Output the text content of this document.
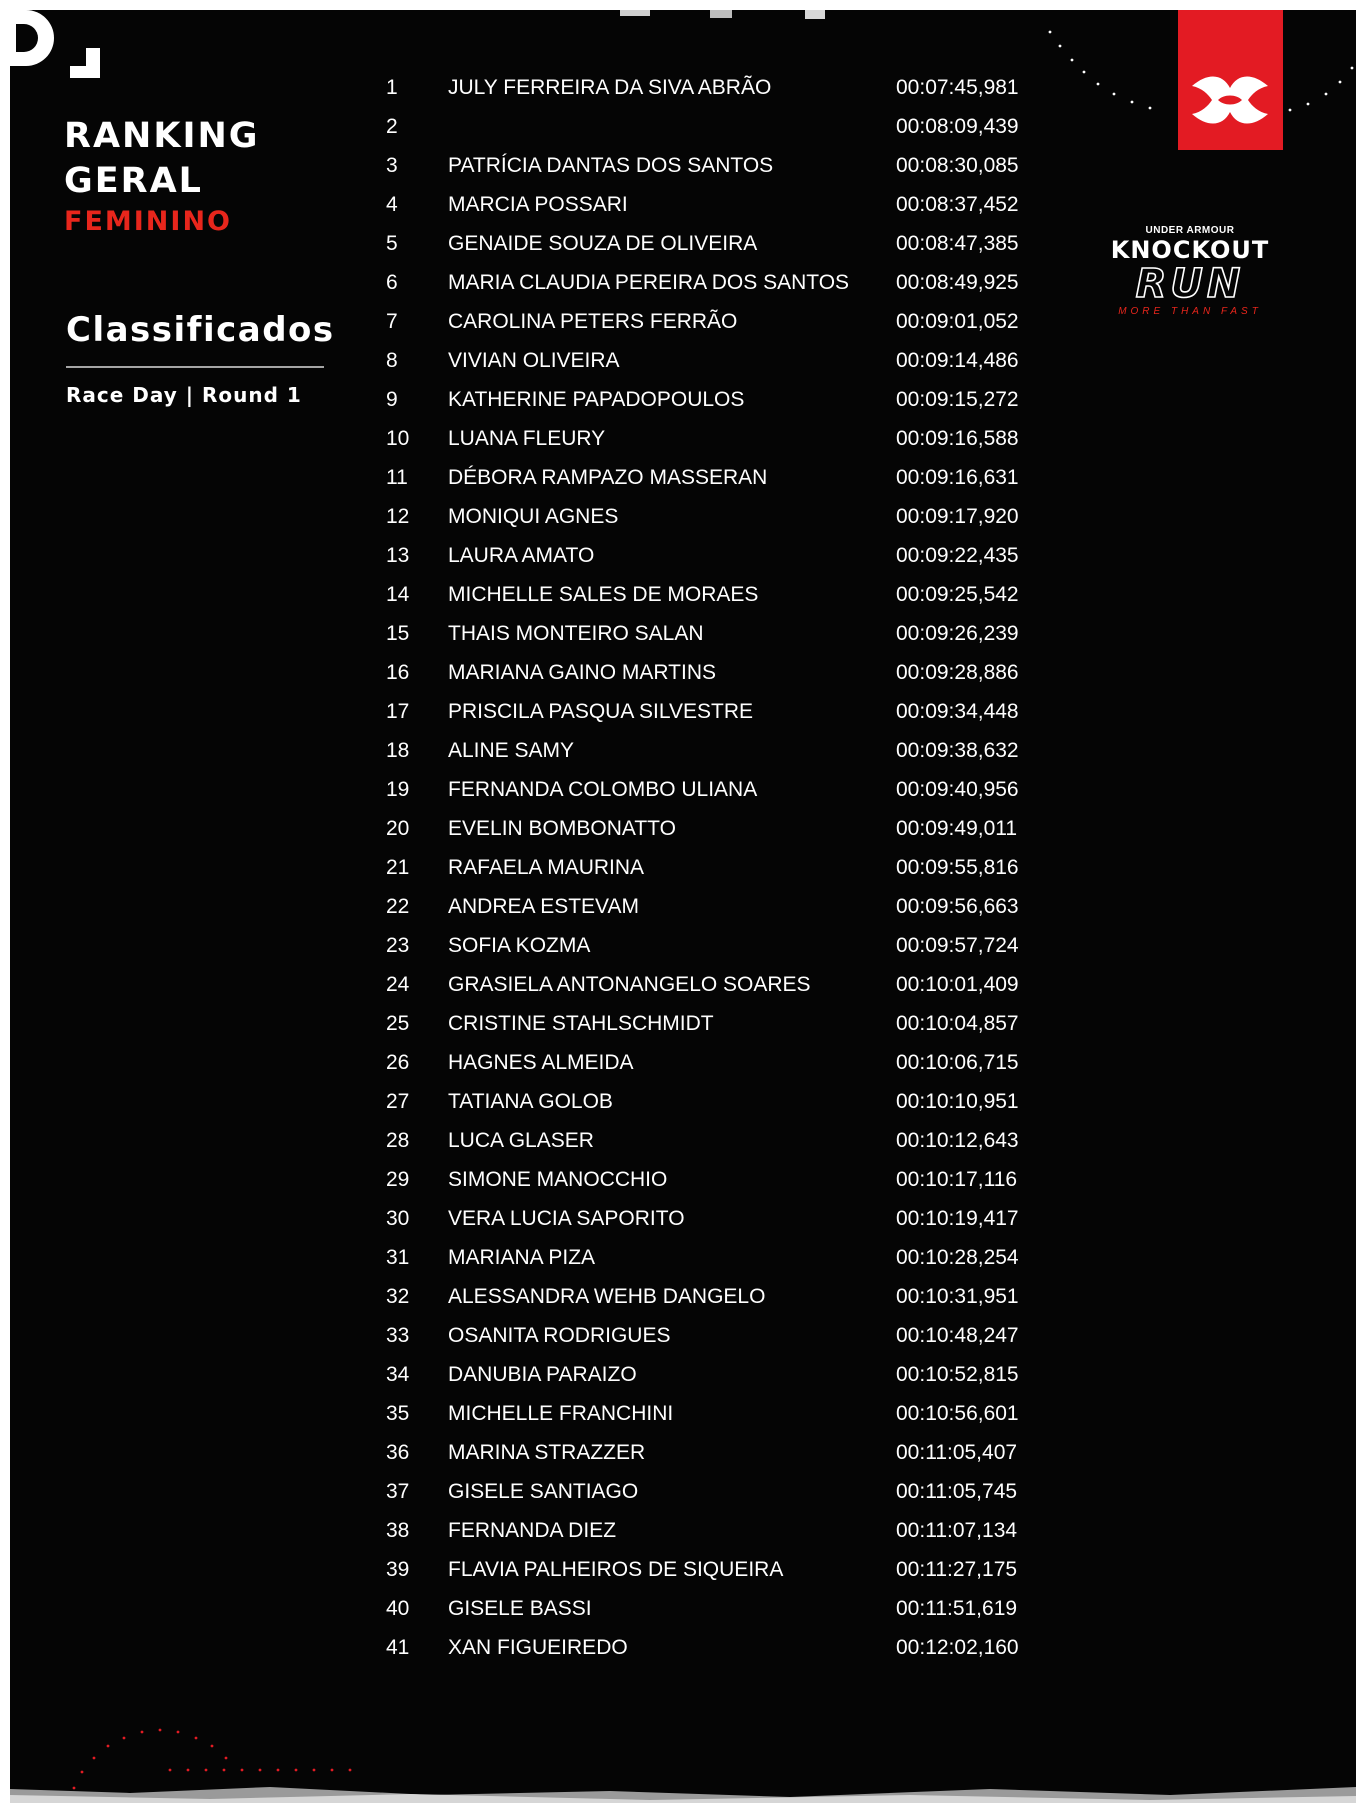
RANKING
GERAL
FEMININO
Classificados
Race Day | Round 1
1 JULY FERREIRA DA SIVA ABRÃO	00:07:45,981
2	00:08:09,439
3 PATRÍCIA DANTAS DOS SANTOS	00:08:30,085
4 MARCIA POSSARI	00:08:37,452
5 GENAIDE SOUZA DE OLIVEIRA	00:08:47,385
6 MARIA CLAUDIA PEREIRA DOS SANTOS 00:08:49,925
7 CAROLINA PETERS FERRÃO	00:09:01,052
8 VIVIAN OLIVEIRA	00:09:14,486
9 KATHERINE PAPADOPOULOS	00:09:15,272
10 LUANA FLEURY	00:09:16,588
11 DÉBORA RAMPAZO MASSERAN	00:09:16,631
12 MONIQUI AGNES	00:09:17,920
13 LAURA AMATO	00:09:22,435
14 MICHELLE SALES DE MORAES	00:09:25,542
15 THAIS MONTEIRO SALAN	00:09:26,239
16 MARIANA GAINO MARTINS	00:09:28,886
17 PRISCILA PASQUA SILVESTRE	00:09:34,448
18 ALINE SAMY	00:09:38,632
19 FERNANDA COLOMBO ULIANA	00:09:40,956
20 EVELIN BOMBONATTO	00:09:49,011
21 RAFAELA MAURINA	00:09:55,816
22 ANDREA ESTEVAM	00:09:56,663
23 SOFIA KOZMA	00:09:57,724
24 GRASIELA ANTONANGELO SOARES	00:10:01,409
25 CRISTINE STAHLSCHMIDT	00:10:04,857
26 HAGNES ALMEIDA	00:10:06,715
27 TATIANA GOLOB	00:10:10,951
28 LUCA GLASER	00:10:12,643
29 SIMONE MANOCCHIO	00:10:17,116
30 VERA LUCIA SAPORITO	00:10:19,417
31 MARIANA PIZA	00:10:28,254
32 ALESSANDRA WEHB DANGELO	00:10:31,951
33 OSANITA RODRIGUES	00:10:48,247
34 DANUBIA PARAIZO	00:10:52,815
35 MICHELLE FRANCHINI	00:10:56,601
36 MARINA STRAZZER	00:11:05,407
37 GISELE SANTIAGO	00:11:05,745
38 FERNANDA DIEZ	00:11:07,134
39 FLAVIA PALHEIROS DE SIQUEIRA	00:11:27,175
40 GISELE BASSI	00:11:51,619
41 XAN FIGUEIREDO	00:12:02,160
UNDER ARMOUR
KNOCKOUT
RUN
MORE THAN FAST
